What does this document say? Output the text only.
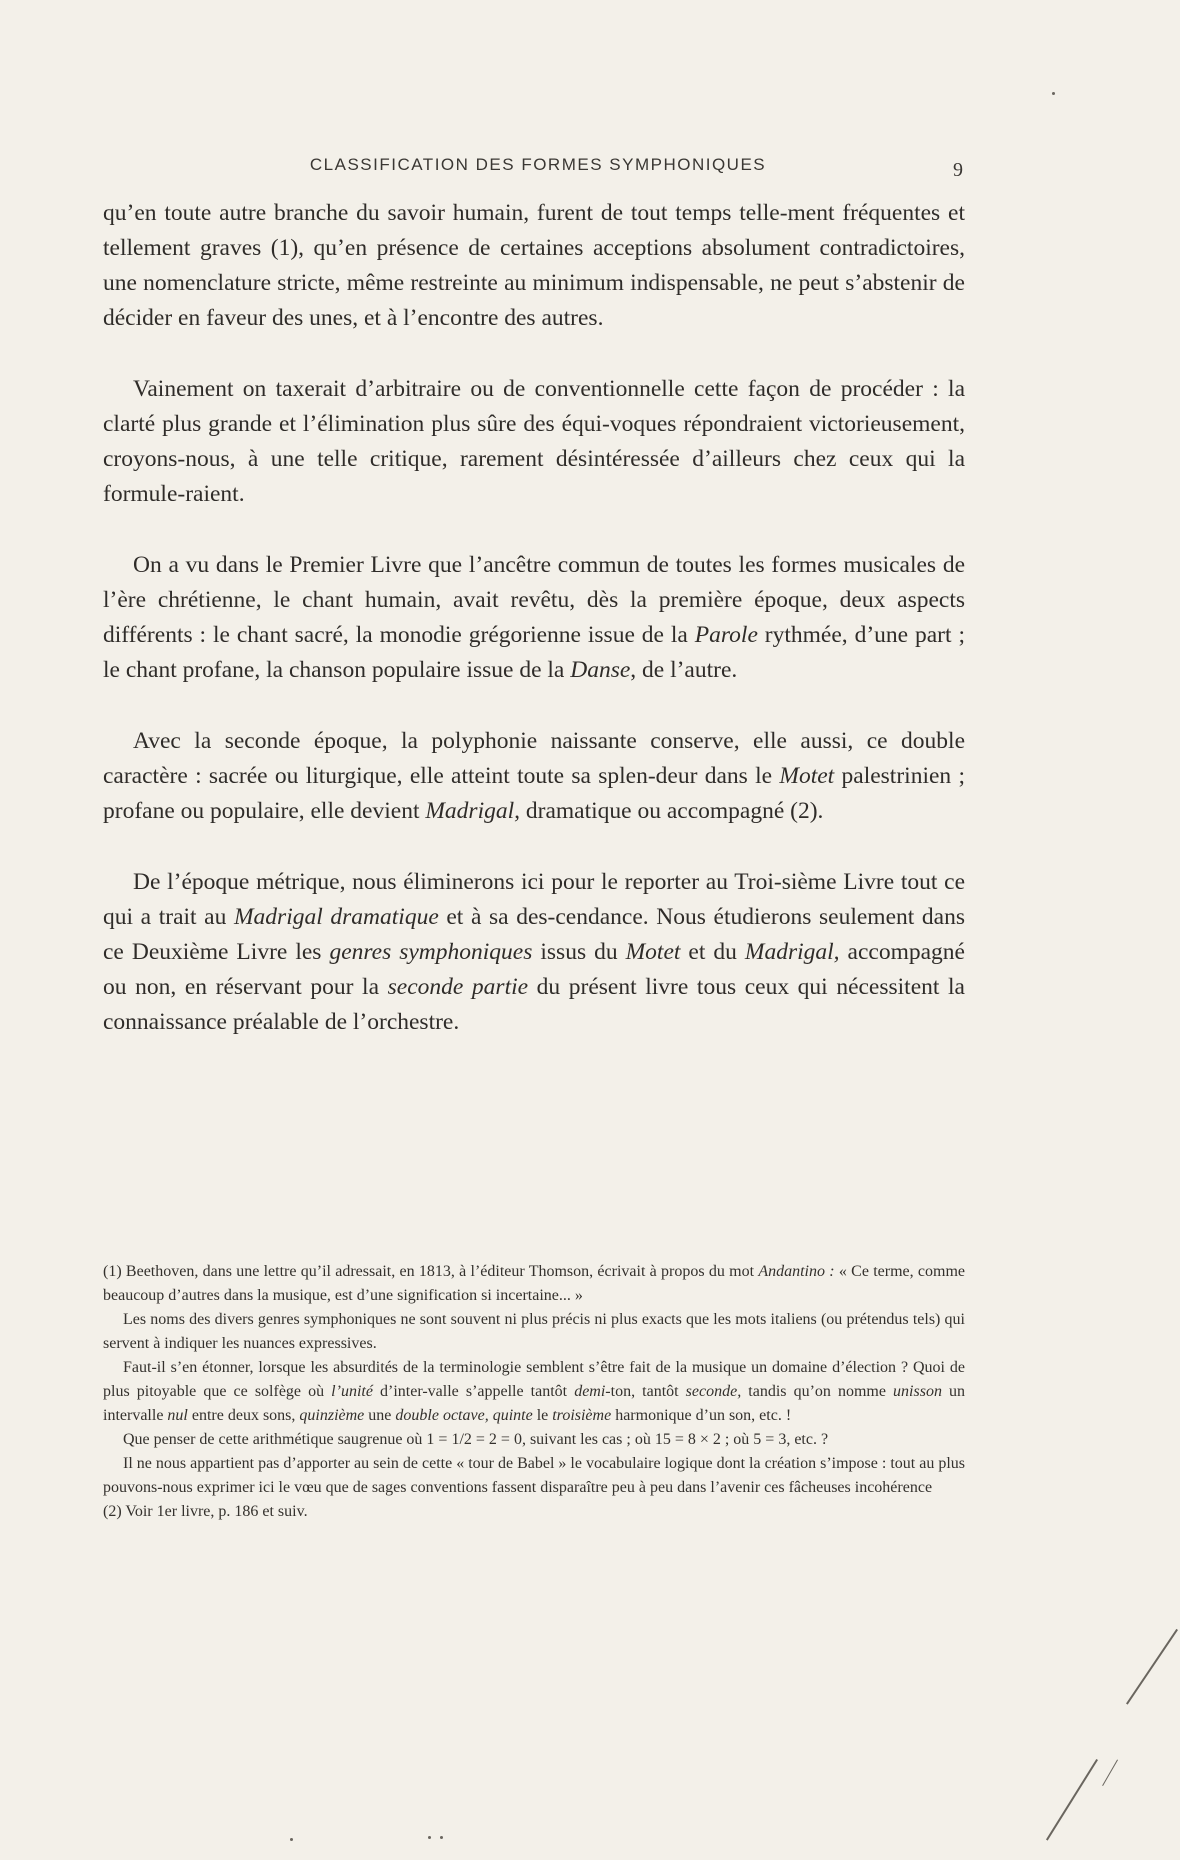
CLASSIFICATION DES FORMES SYMPHONIQUES	9

qu’en toute autre branche du savoir humain, furent de tout temps telle-ment fréquentes et tellement graves (1), qu’en présence de certaines acceptions absolument contradictoires, une nomenclature stricte, même restreinte au minimum indispensable, ne peut s’abstenir de décider en faveur des unes, et à l’encontre des autres.

Vainement on taxerait d’arbitraire ou de conventionnelle cette façon de procéder : la clarté plus grande et l’élimination plus sûre des équi-voques répondraient victorieusement, croyons-nous, à une telle critique, rarement désintéressée d’ailleurs chez ceux qui la formule-raient.

On a vu dans le Premier Livre que l’ancêtre commun de toutes les formes musicales de l’ère chrétienne, le chant humain, avait revêtu, dès la première époque, deux aspects différents : le chant sacré, la monodie grégorienne issue de la Parole rythmée, d’une part ; le chant profane, la chanson populaire issue de la Danse, de l’autre.

Avec la seconde époque, la polyphonie naissante conserve, elle aussi, ce double caractère : sacrée ou liturgique, elle atteint toute sa splen-deur dans le Motet palestrinien ; profane ou populaire, elle devient Madrigal, dramatique ou accompagné (2).

De l’époque métrique, nous éliminerons ici pour le reporter au Troi-sième Livre tout ce qui a trait au Madrigal dramatique et à sa des-cendance. Nous étudierons seulement dans ce Deuxième Livre les genres symphoniques issus du Motet et du Madrigal, accompagné ou non, en réservant pour la seconde partie du présent livre tous ceux qui nécessitent la connaissance préalable de l’orchestre.

(1) Beethoven, dans une lettre qu’il adressait, en 1813, à l’éditeur Thomson, écrivait à propos du mot Andantino : « Ce terme, comme beaucoup d’autres dans la musique, est d’une signification si incertaine... »

Les noms des divers genres symphoniques ne sont souvent ni plus précis ni plus exacts que les mots italiens (ou prétendus tels) qui servent à indiquer les nuances expressives.

Faut-il s’en étonner, lorsque les absurdités de la terminologie semblent s’être fait de la musique un domaine d’élection ? Quoi de plus pitoyable que ce solfège où l’unité d’inter-valle s’appelle tantôt demi-ton, tantôt seconde, tandis qu’on nomme unisson un intervalle nul entre deux sons, quinzième une double octave, quinte le troisième harmonique d’un son, etc. !

Que penser de cette arithmétique saugrenue où 1 = 1/2 = 2 = 0, suivant les cas ; où 15 = 8 × 2 ; où 5 = 3, etc. ?

Il ne nous appartient pas d’apporter au sein de cette « tour de Babel » le vocabulaire logique dont la création s’impose : tout au plus pouvons-nous exprimer ici le vœu que de sages conventions fassent disparaître peu à peu dans l’avenir ces fâcheuses incohérence

(2) Voir 1er livre, p. 186 et suiv.
